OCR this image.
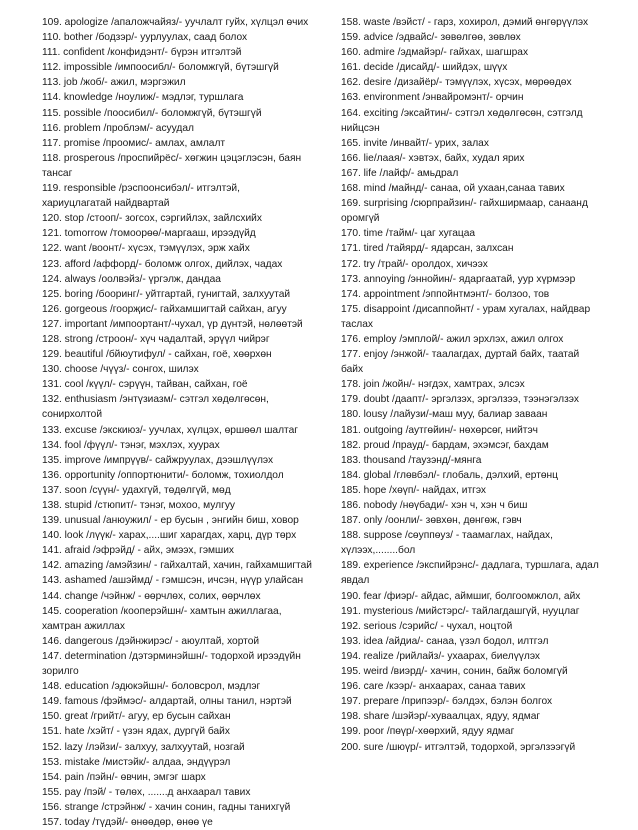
109. apologize /апаложчайяз/- уучлалт гуйх, хүлцэл өчих

110. bother /бодзэр/- уурлуулах, саад болох

111. confident /конфидэнт/- бүрэн итгэлтэй

112. impossible /импоосибл/- боломжгүй, бүтэшгүй

113. job /жоб/- ажил, мэргэжил

114. knowledge /ноулиж/- мэдлэг, туршлага

115. possible /поосибил/- боломжгүй, бүтэшгүй

116. problem /проблэм/- асуудал

117. promise /проомис/- амлах, амлалт

118. prosperous /проспийрёс/- хөгжин цэцэглэсэн, баян тансаг

119. responsible /рэспоонсибэл/- итгэлтэй, хариуцлагатай найдвартай

120. stop /стооп/- зогсох, сэргийлэх, зайлсхийх

121. tomorrow /томоорөө/-маргааш, ирээдүйд

122. want /воонт/- хүсэх, тэмүүлэх, эрж хайх

123. afford /аффорд/- боломж олгох, дийлэх, чадах

124. always /оолвэйз/- үргэлж, дандаа

125. boring /бооринг/- уйтгартай, гунигтай, залхуутай

126. gorgeous /гоорҗис/- гайхамшигтай сайхан, агуу

127. important /импоортант/-чухал, үр дүнтэй, нөлөөтэй

128. strong /строон/- хүч чадалтай, эрүүл чийрэг

129. beautiful /бйюутифул/ - сайхан, гоё, хөөрхөн

130. choose /чүүз/- сонгох, шилэх

131. cool /күүл/- сэрүүн, тайван, сайхан, гоё

132. enthusiasm /энтүзиазм/- сэтгэл хөдөлгөсөн, сонирхолтой

133. excuse /экскиюз/- уучлах, хүлцэх, өршөөл шалтаг

134. fool /фүүл/- тэнэг, мэхлэх, хуурах

135. improve /импрүүв/- сайжруулах, дээшлүүлэх

136. opportunity /оппортюнити/- боломж, тохиолдол

137. soon /сүүн/- удахгүй, төдөлгүй, мөд

138. stupid /стюпит/- тэнэг, мохоо, мулгуу

139. unusual /анюужил/ - ер бусын , энгийн биш, ховор

140. look /лүүк/- харах,....шиг харагдах, харц, дүр төрх

141. afraid /эфрэйд/ - айх, эмээх, гэмших

142. amazing /амэйзин/ - гайхалтай, хачин, гайхамшигтай

143. ashamed /ашэймд/ - гэмшсэн, ичсэн, нүүр улайсан

144. change /чэйнж/ - өөрчлөх, солих, өөрчлөх

145. cooperation /кооперэйшн/- хамтын ажиллагаа, хамтран ажиллах

146. dangerous /дэйнжирэс/ - аюултай, хортой

147. determination /дэтэрминэйшн/- тодорхой ирээдүйн зорилго

148. education /эдюкэйшн/- боловсрол, мэдлэг

149. famous /фэймэс/- алдартай, олны танил, нэртэй

150. great /грийт/- агуу, ер бусын сайхан

151. hate /хэйт/ - үзэн ядах, дургүй байх

152. lazy /лэйзи/- залхуу, залхуутай, нозгай

153. mistake /мистэйк/- алдаа, эндүүрэл

154. pain /пэйн/- өвчин, эмгэг шарх

155. pay /пэй/ - төлөх, .......д анхаарал тавих

156. strange /стрэйнж/ - хачин сонин, гадны танихгүй

157. today /түдэй/- өнөөдөр, өнөө үе

158. waste /вэйст/ - гарз, хохирол, дэмий өнгөрүүлэх

159. advice /эдвайс/- зөвөлгөө, зөвлөх

160. admire /эдмайэр/- гайхах, шагшрах

161. decide /дисайд/- шийдэх, шүүх

162. desire /дизайёр/- тэмүүлэх, хүсэх, мөрөөдөх

163. environment /энвайромэнт/- орчин

164. exciting /эксайтин/- сэтгэл хөдөлгөсөн, сэтгэлд нийцсэн

165. invite /инвайт/- урих, залах

166. lie/лаая/- хэвтэх, байх, худал ярих

167. life /лайф/- амьдрал

168. mind /майнд/- санаа, ой ухаан,санаа тавих

169. surprising /сюрпрайзин/- гайхширмаар, санаанд оромгүй

170. time /тайм/- цаг хугацаа

171. tired /тайярд/- ядарсан, залхсан

172. try /трай/- оролдох, хичээх

173. annoying /эннойин/- ядаргаатай, уур хүрмээр

174. appointment /эппойнтмэнт/- болзоо, тов

175. disappoint /дисаппойнт/ - урам хугалах, найдвар таслах

176. employ /эмплой/- ажил эрхлэх, ажил олгох

177. enjoy /энжой/- таалагдах, дуртай байх, таатай байх

178. join /жойн/- нэгдэх, хамтрах, элсэх

179. doubt /даапт/- эргэлзэх, эргэлзээ, тээнэгэлзэх

180. lousy /лайузи/-маш муу, балиар заваан

181. outgoing /аутгөйин/- нөхөрсөг, нийтэч

182. proud /прауд/- бардам, эхэмсэг, бахдам

183. thousand /таузэнд/-мянга

184. global /глөвбэл/- глобаль, дэлхий, ертөнц

185. hope /хөүп/- найдах, итгэх

186. nobody /нөүбади/- хэн ч, хэн ч биш

187. only /оонли/- зөвхөн, дөнгөж, гэвч

188. suppose /сөуппөуз/ - таамаглах, найдах, хүлээх,........бол

189. experience /экспийрэнс/- дадлага, туршлага, адал явдал

190. fear /фиэр/- айдас, аймшиг, болгоомжлол, айх

191. mysterious /мийстэрс/- тайлагдашгүй, нууцлаг

192. serious /сэрийс/ - чухал, ноцтой

193. idea /айдиа/- санаа, үзэл бодол, илтгэл

194. realize /рийлайз/- ухаарах, биелүүлэх

195. weird /виэрд/- хачин, сонин, байж боломгүй

196. care /кээр/- анхаарах, санаа тавих

197. prepare /припээр/- бэлдэх, бэлэн болгох

198. share /шэйэр/-хуваалцах, ядуу, ядмаг

199. poor /пөүр/-хөөрхий, ядуу ядмаг

200. sure /шюүр/- итгэлтэй, тодорхой, эргэлзээгүй
